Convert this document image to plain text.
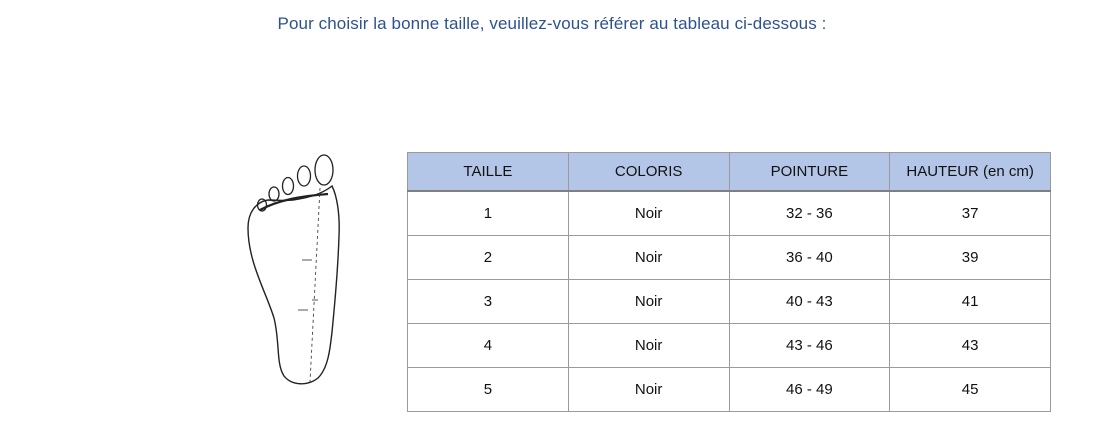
Pour choisir la bonne taille, veuillez-vous référer au tableau ci-dessous :
TAILLE	COLORIS	POINTURE	HAUTEUR (en cm)
1	Noir	32 - 36	37
2	Noir	36 - 40	39
3	Noir	40 - 43	41
4	Noir	43 - 46	43
5	Noir	46 - 49	45
